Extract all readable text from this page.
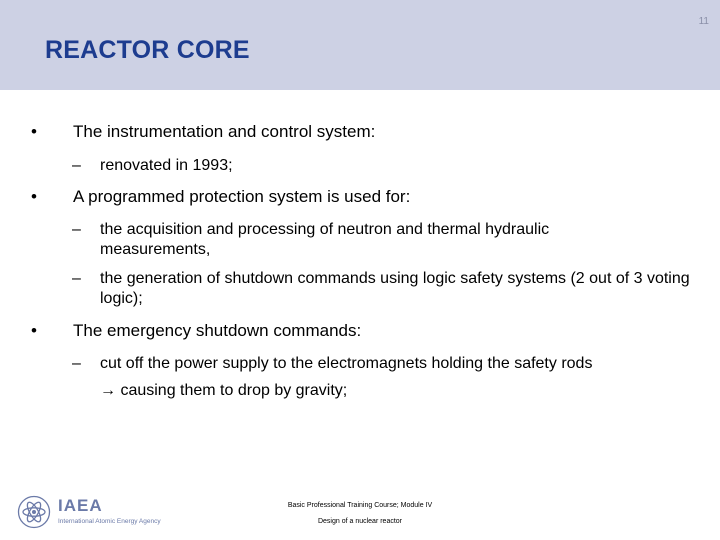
11
REACTOR CORE
• The instrumentation and control system:
– renovated in 1993;
• A programmed protection system is used for:
– the acquisition and processing of neutron and thermal hydraulic measurements,
– the generation of shutdown commands using logic safety systems (2 out of 3 voting logic);
• The emergency shutdown commands:
– cut off the power supply to the electromagnets holding the safety rods
→ causing them to drop by gravity;
IAEA
International Atomic Energy Agency
Basic Professional Training Course; Module IV
Design of a nuclear reactor
